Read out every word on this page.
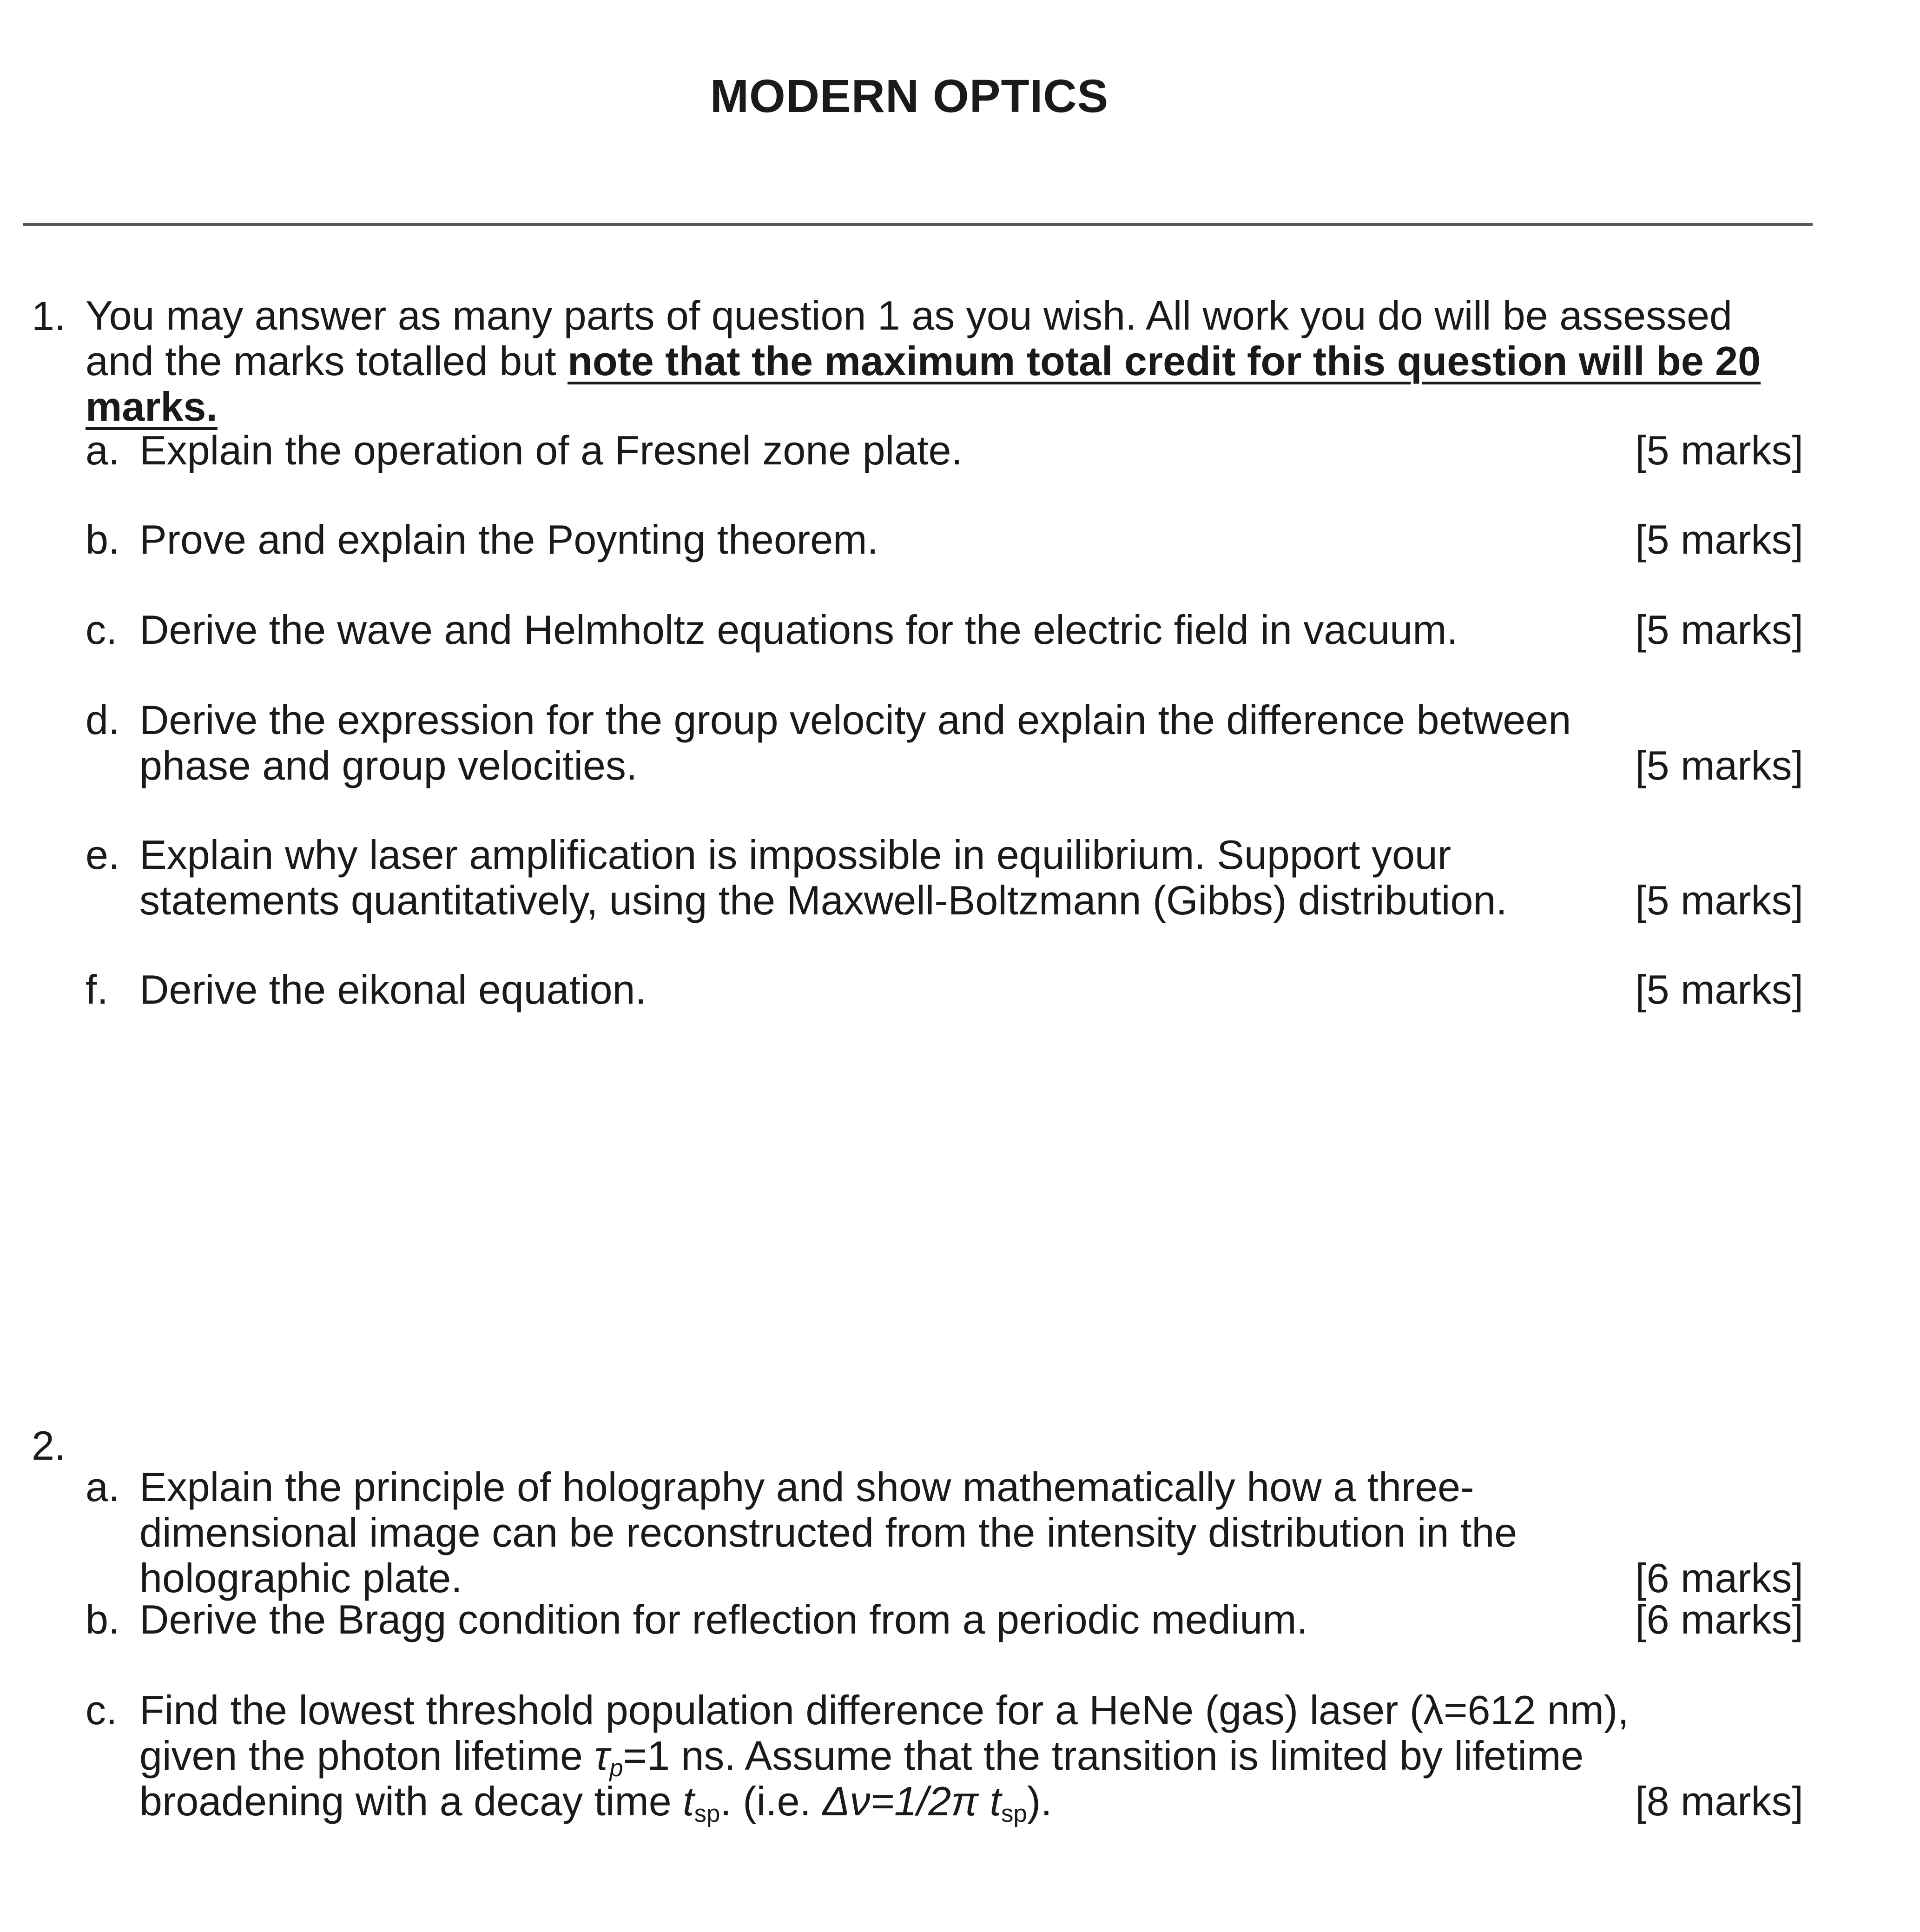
MODERN OPTICS
1. You may answer as many parts of question 1 as you wish. All work you do will be assessed and the marks totalled but note that the maximum total credit for this question will be 20 marks.
a. Explain the operation of a Fresnel zone plate.	[5 marks]
b. Prove and explain the Poynting theorem.	[5 marks]
c. Derive the wave and Helmholtz equations for the electric field in vacuum.	[5 marks]
d. Derive the expression for the group velocity and explain the difference between phase and group velocities.	[5 marks]
e. Explain why laser amplification is impossible in equilibrium. Support your statements quantitatively, using the Maxwell-Boltzmann (Gibbs) distribution.	[5 marks]
f. Derive the eikonal equation.	[5 marks]
2.
a. Explain the principle of holography and show mathematically how a three-dimensional image can be reconstructed from the intensity distribution in the holographic plate.	[6 marks]
b. Derive the Bragg condition for reflection from a periodic medium.	[6 marks]
c. Find the lowest threshold population difference for a HeNe (gas) laser (λ=612 nm), given the photon lifetime $\tau_p=1$ ns. Assume that the transition is limited by lifetime broadening with a decay time $t_{sp}$. (i.e. Δν=1/2π $t_{sp}$).	[8 marks]
